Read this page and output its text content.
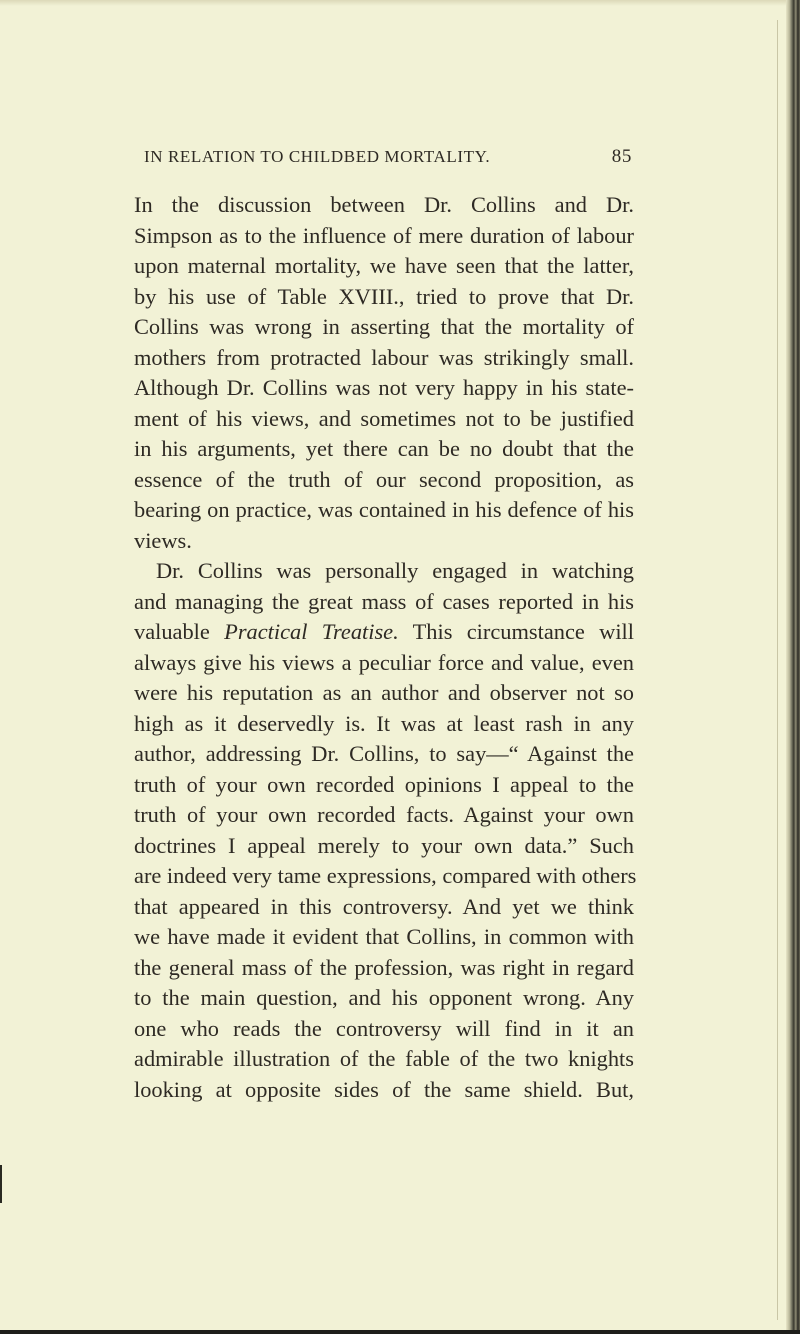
IN RELATION TO CHILDBED MORTALITY.	85
In the discussion between Dr. Collins and Dr.
Simpson as to the influence of mere duration of labour
upon maternal mortality, we have seen that the latter,
by his use of Table XVIII., tried to prove that Dr.
Collins was wrong in asserting that the mortality of
mothers from protracted labour was strikingly small.
Although Dr. Collins was not very happy in his state-
ment of his views, and sometimes not to be justified
in his arguments, yet there can be no doubt that the
essence of the truth of our second proposition, as
bearing on practice, was contained in his defence of his
views.
Dr. Collins was personally engaged in watching
and managing the great mass of cases reported in his
valuable Practical Treatise. This circumstance will
always give his views a peculiar force and value, even
were his reputation as an author and observer not so
high as it deservedly is. It was at least rash in any
author, addressing Dr. Collins, to say—“ Against the
truth of your own recorded opinions I appeal to the
truth of your own recorded facts. Against your own
doctrines I appeal merely to your own data.” Such
are indeed very tame expressions, compared with others
that appeared in this controversy. And yet we think
we have made it evident that Collins, in common with
the general mass of the profession, was right in regard
to the main question, and his opponent wrong. Any
one who reads the controversy will find in it an
admirable illustration of the fable of the two knights
looking at opposite sides of the same shield. But,
